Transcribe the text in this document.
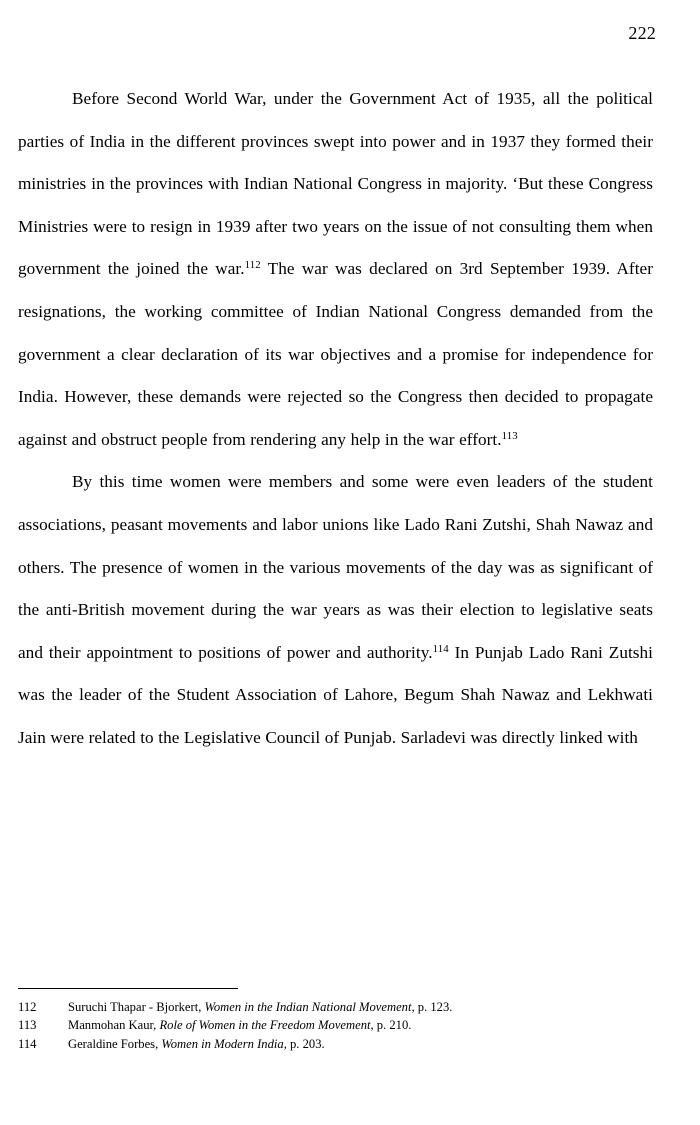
222

Before Second World War, under the Government Act of 1935, all the political parties of India in the different provinces swept into power and in 1937 they formed their ministries in the provinces with Indian National Congress in majority. ‘But these Congress Ministries were to resign in 1939 after two years on the issue of not consulting them when government the joined the war.$^{112}$ The war was declared on 3rd September 1939. After resignations, the working committee of Indian National Congress demanded from the government a clear declaration of its war objectives and a promise for independence for India. However, these demands were rejected so the Congress then decided to propagate against and obstruct people from rendering any help in the war effort.$^{113}$

By this time women were members and some were even leaders of the student associations, peasant movements and labor unions like Lado Rani Zutshi, Shah Nawaz and others. The presence of women in the various movements of the day was as significant of the anti-British movement during the war years as was their election to legislative seats and their appointment to positions of power and authority.$^{114}$ In Punjab Lado Rani Zutshi was the leader of the Student Association of Lahore, Begum Shah Nawaz and Lekhwati Jain were related to the Legislative Council of Punjab. Sarladevi was directly linked with

112	Suruchi Thapar - Bjorkert, Women in the Indian National Movement, p. 123.
113	Manmohan Kaur, Role of Women in the Freedom Movement, p. 210.
114	Geraldine Forbes, Women in Modern India, p. 203.
